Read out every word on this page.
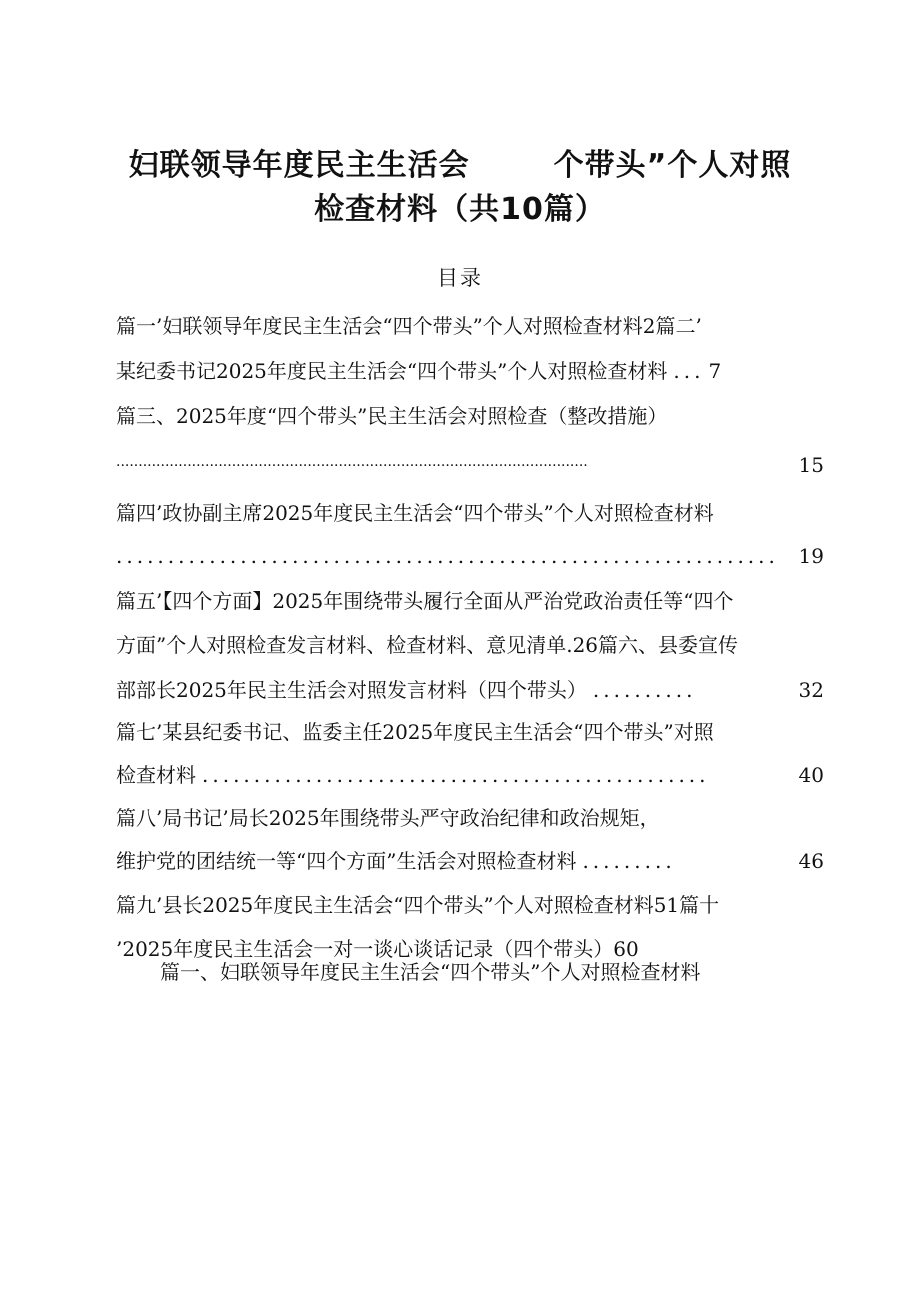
妇联领导年度民主生活会	个带头”个人对照
检查材料（共10篇）
目录
篇一’妇联领导年度民主生活会“四个带头”个人对照检查材料2篇二’
某纪委书记2025年度民主生活会“四个带头”个人对照检查材料 ... 7
篇三、2025年度“四个带头”民主生活会对照检查（整改措施）
..........................................................................................................	15
篇四’政协副主席2025年度民主生活会“四个带头”个人对照检查材料
................................................................ 19
篇五’【四个方面】2025年围绕带头履行全面从严治党政治责任等“四个
方面”个人对照检查发言材料、检查材料、意见清单.26篇六、县委宣传
部部长2025年民主生活会对照发言材料（四个带头） ..........	32
篇七’某县纪委书记、监委主任2025年度民主生活会“四个带头”对照
检查材料 .................................................	40
篇八’局书记’局长2025年围绕带头严守政治纪律和政治规矩，
维护党的团结统一等“四个方面”生活会对照检查材料 .........	46
篇九’县长2025年度民主生活会“四个带头”个人对照检查材料51篇十
’2025年度民主生活会一对一谈心谈话记录（四个带头）60
篇一、妇联领导年度民主生活会“四个带头”个人对照检查材料
